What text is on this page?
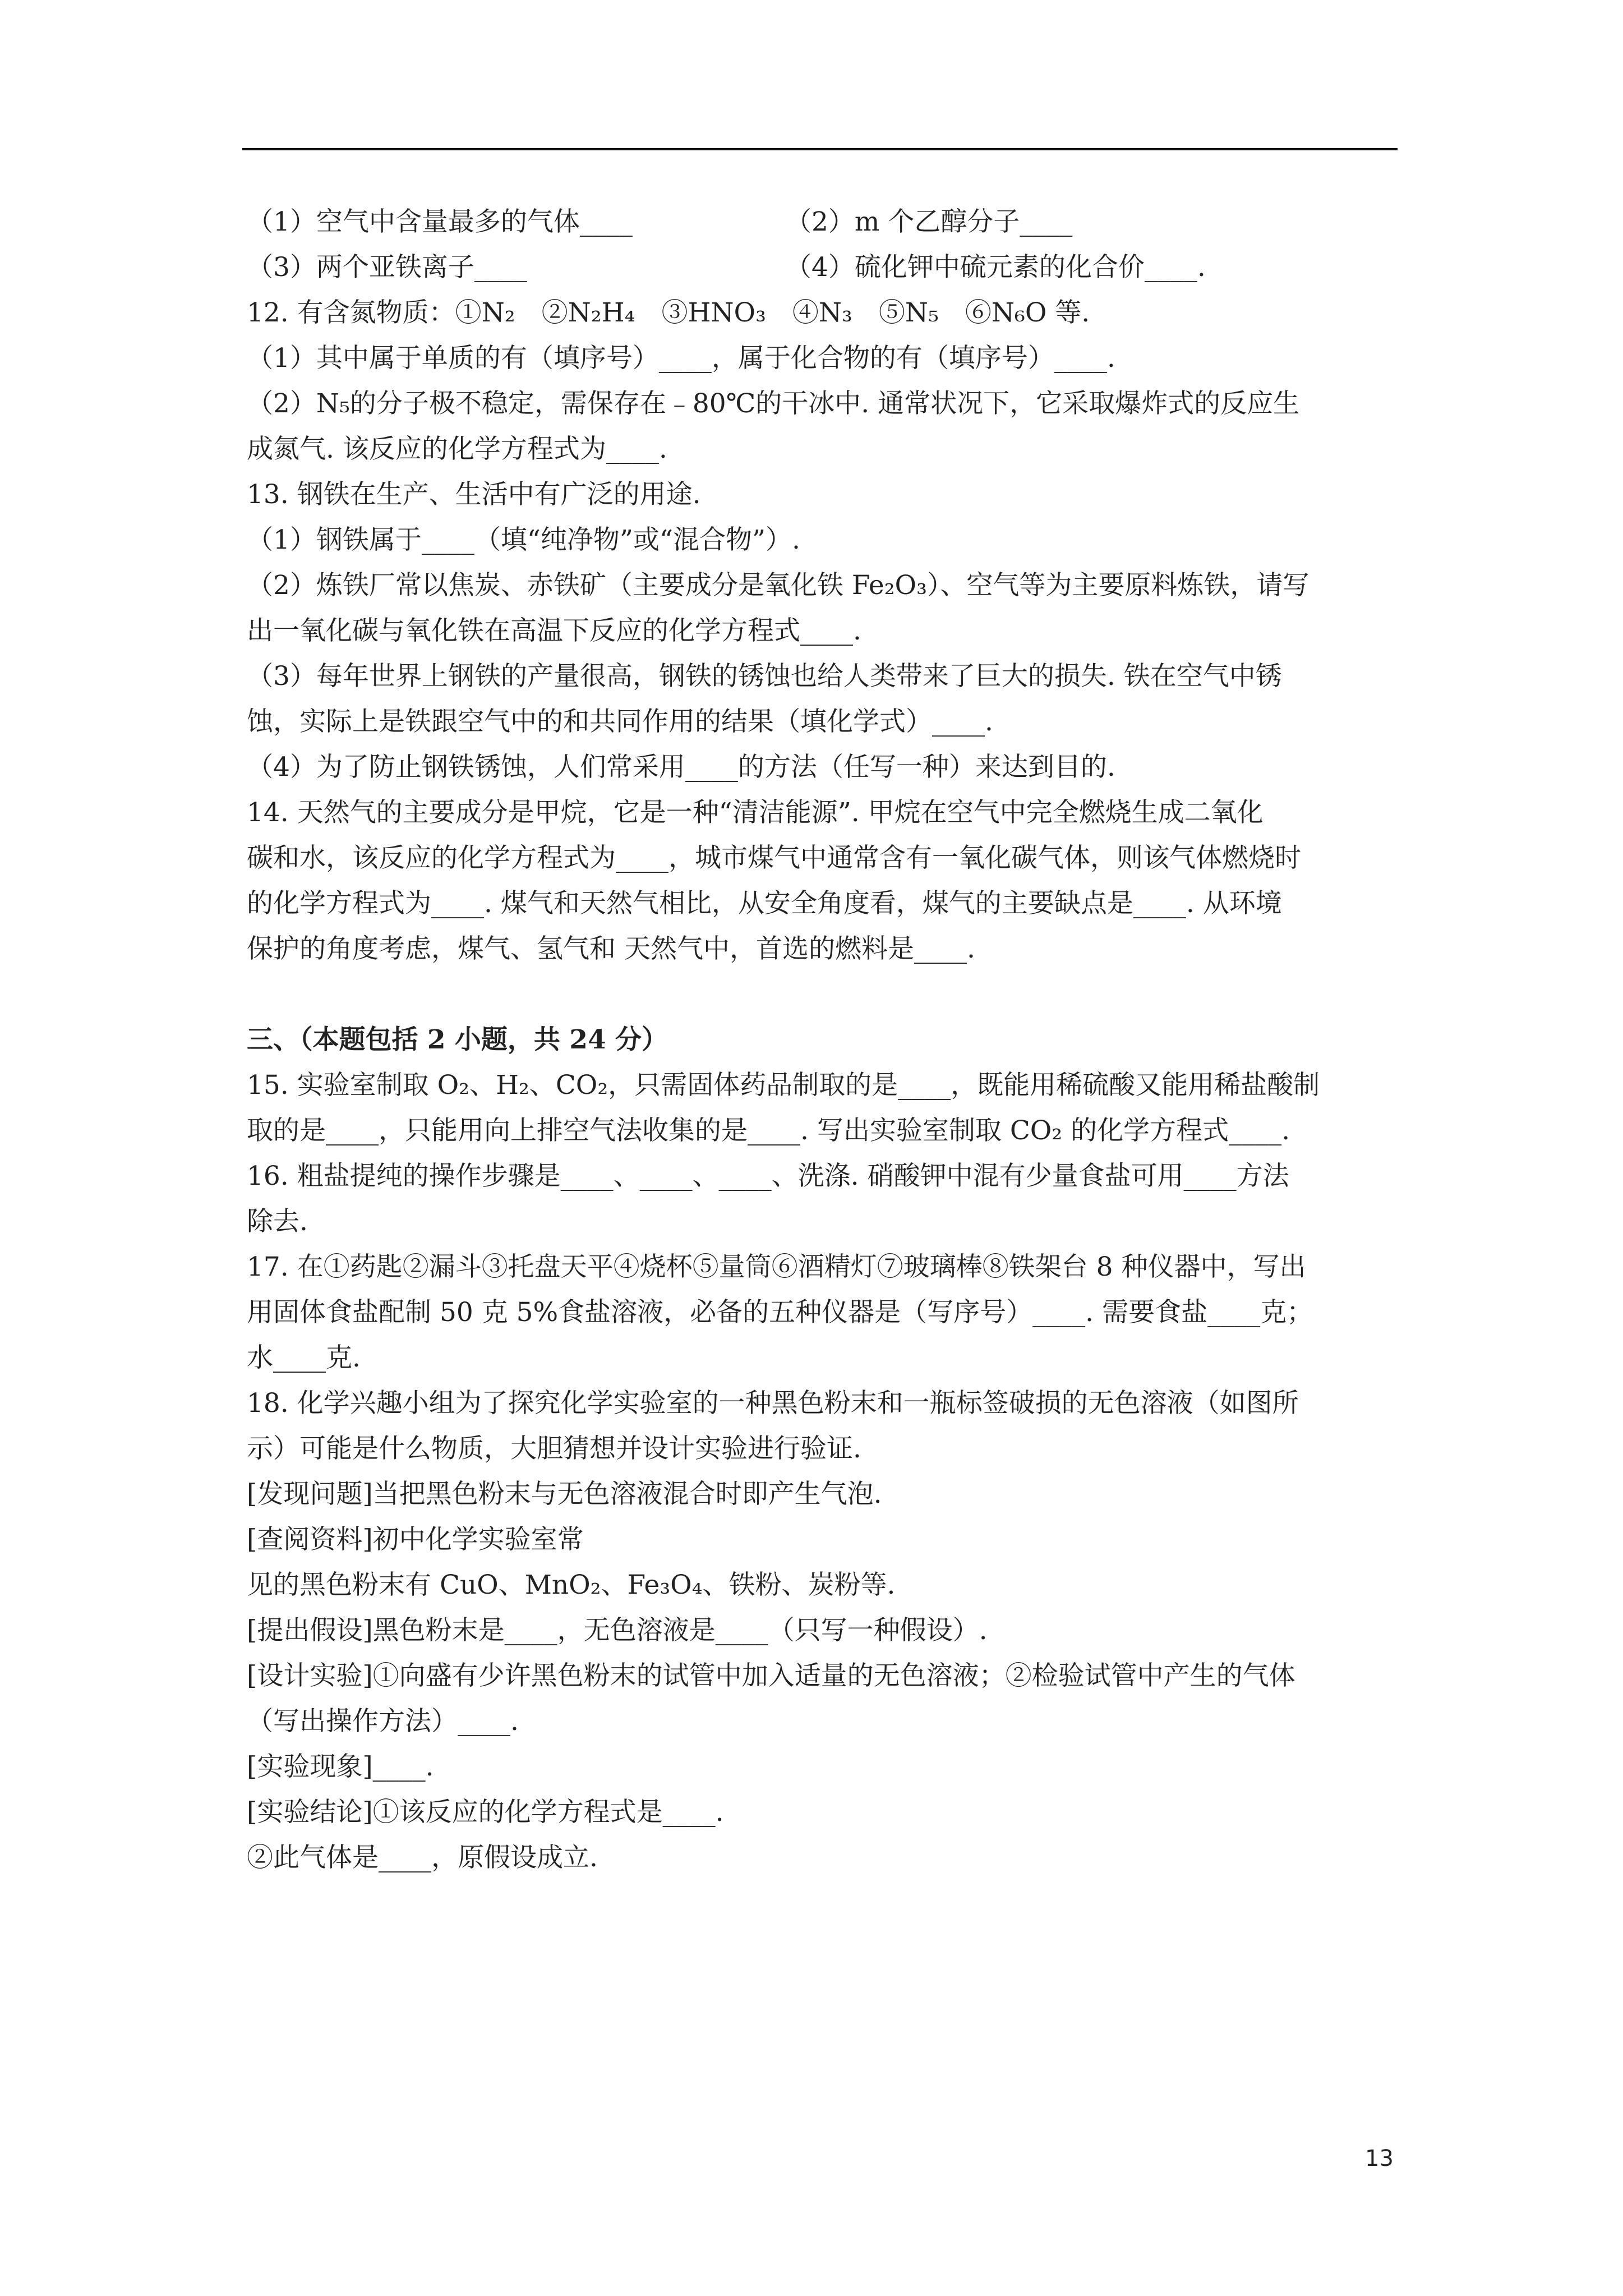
（1）空气中含量最多的气体____	（2）m 个乙醇分子____
（3）两个亚铁离子____	（4）硫化钾中硫元素的化合价____.
12. 有含氮物质：①N₂　②N₂H₄　③HNO₃　④N₃　⑤N₅　⑥N₆O 等.
（1）其中属于单质的有（填序号）____，属于化合物的有（填序号）____.
（2）N₅的分子极不稳定，需保存在﹣80℃的干冰中. 通常状况下，它采取爆炸式的反应生
成氮气. 该反应的化学方程式为____.
13. 钢铁在生产、生活中有广泛的用途.
（1）钢铁属于____（填“纯净物”或“混合物”）.
（2）炼铁厂常以焦炭、赤铁矿（主要成分是氧化铁 Fe₂O₃）、空气等为主要原料炼铁，请写
出一氧化碳与氧化铁在高温下反应的化学方程式____.
（3）每年世界上钢铁的产量很高，钢铁的锈蚀也给人类带来了巨大的损失. 铁在空气中锈
蚀，实际上是铁跟空气中的和共同作用的结果（填化学式）____.
（4）为了防止钢铁锈蚀，人们常采用____的方法（任写一种）来达到目的.
14. 天然气的主要成分是甲烷，它是一种“清洁能源”. 甲烷在空气中完全燃烧生成二氧化
碳和水，该反应的化学方程式为____，城市煤气中通常含有一氧化碳气体，则该气体燃烧时
的化学方程式为____. 煤气和天然气相比，从安全角度看，煤气的主要缺点是____. 从环境
保护的角度考虑，煤气、氢气和 天然气中，首选的燃料是____.
三、（本题包括 2 小题，共 24 分）
15. 实验室制取 O₂、H₂、CO₂，只需固体药品制取的是____，既能用稀硫酸又能用稀盐酸制
取的是____，只能用向上排空气法收集的是____. 写出实验室制取 CO₂ 的化学方程式____.
16. 粗盐提纯的操作步骤是____、____、____、洗涤. 硝酸钾中混有少量食盐可用____方法
除去.
17. 在①药匙②漏斗③托盘天平④烧杯⑤量筒⑥酒精灯⑦玻璃棒⑧铁架台 8 种仪器中，写出
用固体食盐配制 50 克 5%食盐溶液，必备的五种仪器是（写序号）____. 需要食盐____克；
水____克.
18. 化学兴趣小组为了探究化学实验室的一种黑色粉末和一瓶标签破损的无色溶液（如图所
示）可能是什么物质，大胆猜想并设计实验进行验证.
[发现问题]当把黑色粉末与无色溶液混合时即产生气泡.
[查阅资料]初中化学实验室常
见的黑色粉末有 CuO、MnO₂、Fe₃O₄、铁粉、炭粉等.
[提出假设]黑色粉末是____，无色溶液是____（只写一种假设）.
[设计实验]①向盛有少许黑色粉末的试管中加入适量的无色溶液；②检验试管中产生的气体
（写出操作方法）____.
[实验现象]____.
[实验结论]①该反应的化学方程式是____.
②此气体是____，原假设成立.
13
